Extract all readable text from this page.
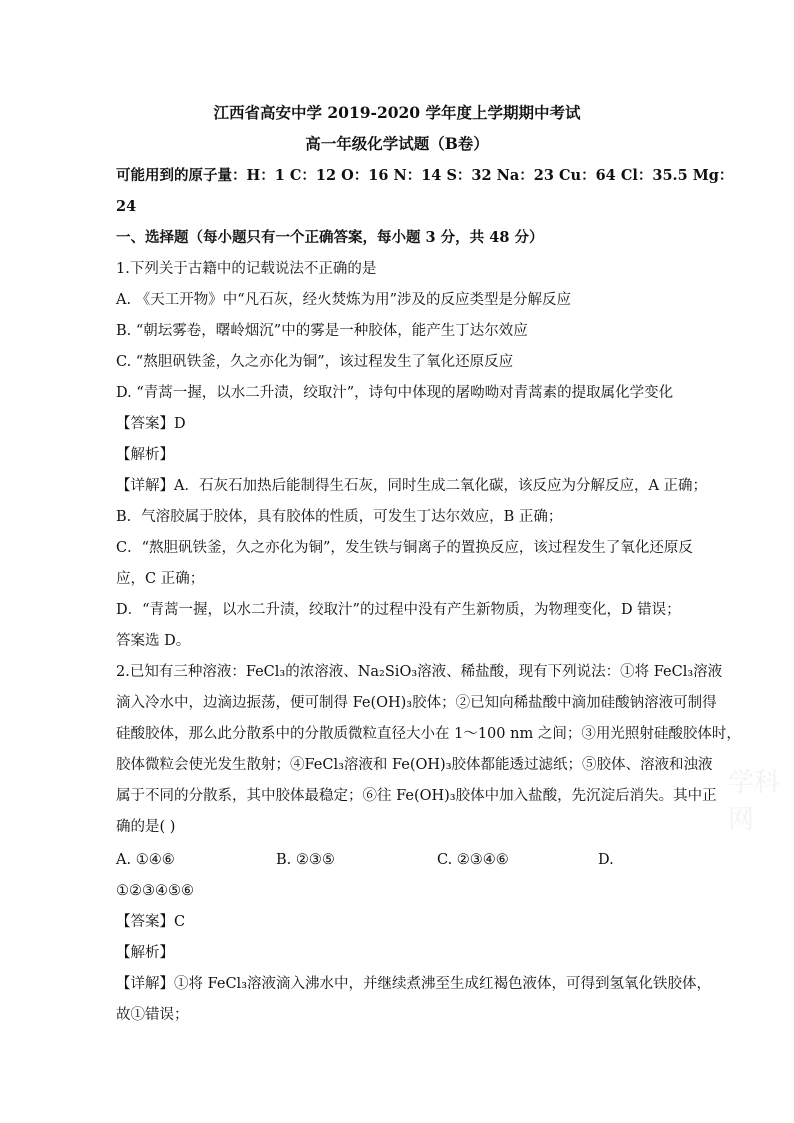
江西省高安中学 2019-2020 学年度上学期期中考试
高一年级化学试题（B卷）
可能用到的原子量：H：1 C：12 O：16 N：14 S：32 Na：23 Cu：64 Cl：35.5 Mg：
24
一、选择题（每小题只有一个正确答案，每小题 3 分，共 48 分）
1.下列关于古籍中的记载说法不正确的是
A. 《天工开物》中“凡石灰，经火焚炼为用”涉及的反应类型是分解反应
B. “朝坛雾卷，曙岭烟沉”中的雾是一种胶体，能产生丁达尔效应
C. “熬胆矾铁釜，久之亦化为铜”，该过程发生了氧化还原反应
D. “青蒿一握，以水二升渍，绞取汁”，诗句中体现的屠呦呦对青蒿素的提取属化学变化
【答案】D
【解析】
【详解】A．石灰石加热后能制得生石灰，同时生成二氧化碳，该反应为分解反应，A 正确；
B．气溶胶属于胶体，具有胶体的性质，可发生丁达尔效应，B 正确；
C．“熬胆矾铁釜，久之亦化为铜”，发生铁与铜离子的置换反应，该过程发生了氧化还原反
应，C 正确；
D．“青蒿一握，以水二升渍，绞取汁”的过程中没有产生新物质，为物理变化，D 错误；
答案选 D。
2.已知有三种溶液：FeCl₃的浓溶液、Na₂SiO₃溶液、稀盐酸，现有下列说法：①将 FeCl₃溶液
滴入冷水中，边滴边振荡，便可制得 Fe(OH)₃胶体；②已知向稀盐酸中滴加硅酸钠溶液可制得
硅酸胶体，那么此分散系中的分散质微粒直径大小在 1～100 nm 之间；③用光照射硅酸胶体时，
胶体微粒会使光发生散射；④FeCl₃溶液和 Fe(OH)₃胶体都能透过滤纸；⑤胶体、溶液和浊液
属于不同的分散系，其中胶体最稳定；⑥往 Fe(OH)₃胶体中加入盐酸，先沉淀后消失。其中正
确的是( )
A. ①④⑥	B. ②③⑤	C. ②③④⑥	D.
①②③④⑤⑥
【答案】C
【解析】
【详解】①将 FeCl₃溶液滴入沸水中，并继续煮沸至生成红褐色液体，可得到氢氧化铁胶体，
故①错误；
学科网
